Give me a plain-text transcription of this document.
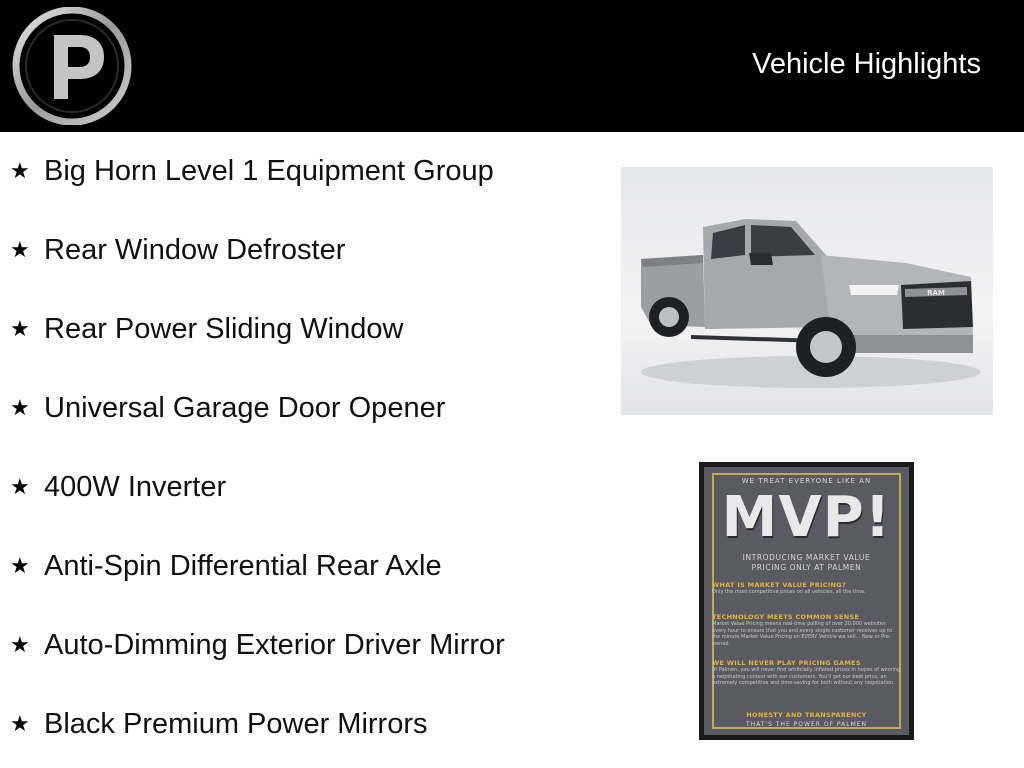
Vehicle Highlights
★ Big Horn Level 1 Equipment Group
★ Rear Window Defroster
★ Rear Power Sliding Window
★ Universal Garage Door Opener
★ 400W Inverter
★ Anti-Spin Differential Rear Axle
★ Auto-Dimming Exterior Driver Mirror
★ Black Premium Power Mirrors
RAM
WE TREAT EVERYONE LIKE AN
MVP!
INTRODUCING MARKET VALUE PRICING ONLY AT PALMEN
WHAT IS MARKET VALUE PRICING?
Only the most competitive prices on all vehicles, all the time.
TECHNOLOGY MEETS COMMON SENSE
Market Value Pricing means real-time polling of over 20,000 websites every hour to ensure that you and every single customer receives up to the minute Market Value Pricing on EVERY Vehicle we sell... New or Pre-owned.
WE WILL NEVER PLAY PRICING GAMES
At Palmen, you will never find artificially inflated prices in hopes of winning a negotiating contest with our customers. You'll get our best price, an extremely competitive and time-saving for both without any negotiation.
HONESTY AND TRANSPARENCY
THAT'S THE POWER OF PALMEN
